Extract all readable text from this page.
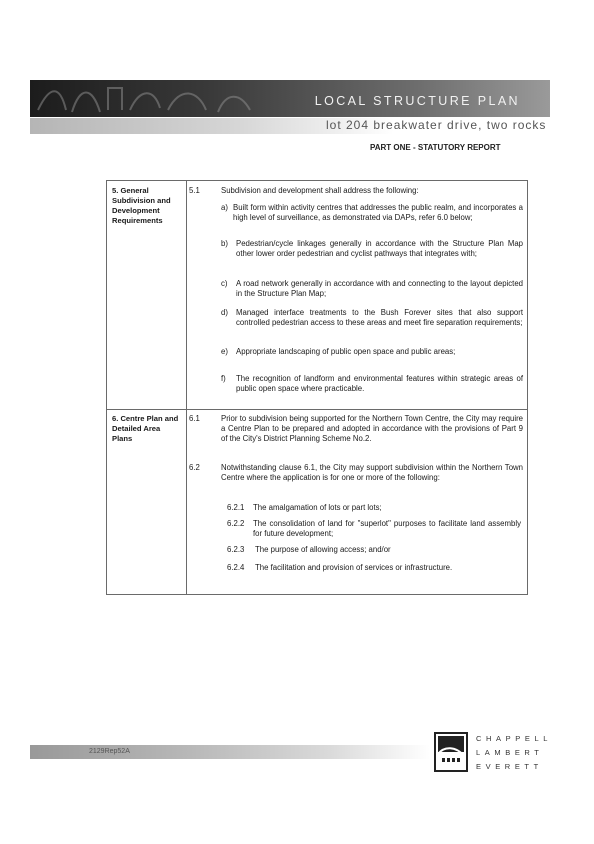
LOCAL STRUCTURE PLAN
lot 204 breakwater drive, two rocks
PART ONE - STATUTORY REPORT
5. General Subdivision and Development Requirements
5.1	Subdivision and development shall address the following:
a) Built form within activity centres that addresses the public realm, and incorporates a high level of surveillance, as demonstrated via DAPs, refer 6.0 below;
b) Pedestrian/cycle linkages generally in accordance with the Structure Plan Map other lower order pedestrian and cyclist pathways that integrates with;
c) A road network generally in accordance with and connecting to the layout depicted in the Structure Plan Map;
d) Managed interface treatments to the Bush Forever sites that also support controlled pedestrian access to these areas and meet fire separation requirements;
e) Appropriate landscaping of public open space and public areas;
f) The recognition of landform and environmental features within strategic areas of public open space where practicable.
6. Centre Plan and Detailed Area Plans
6.1	Prior to subdivision being supported for the Northern Town Centre, the City may require a Centre Plan to be prepared and adopted in accordance with the provisions of Part 9 of the City's District Planning Scheme No.2.
6.2	Notwithstanding clause 6.1, the City may support subdivision within the Northern Town Centre where the application is for one or more of the following:
6.2.1 The amalgamation of lots or part lots;
6.2.2 The consolidation of land for "superlot" purposes to facilitate land assembly for future development;
6.2.3 The purpose of allowing access; and/or
6.2.4 The facilitation and provision of services or infrastructure.
2129Rep52A
CHAPPELL
LAMBERT
EVERETT
